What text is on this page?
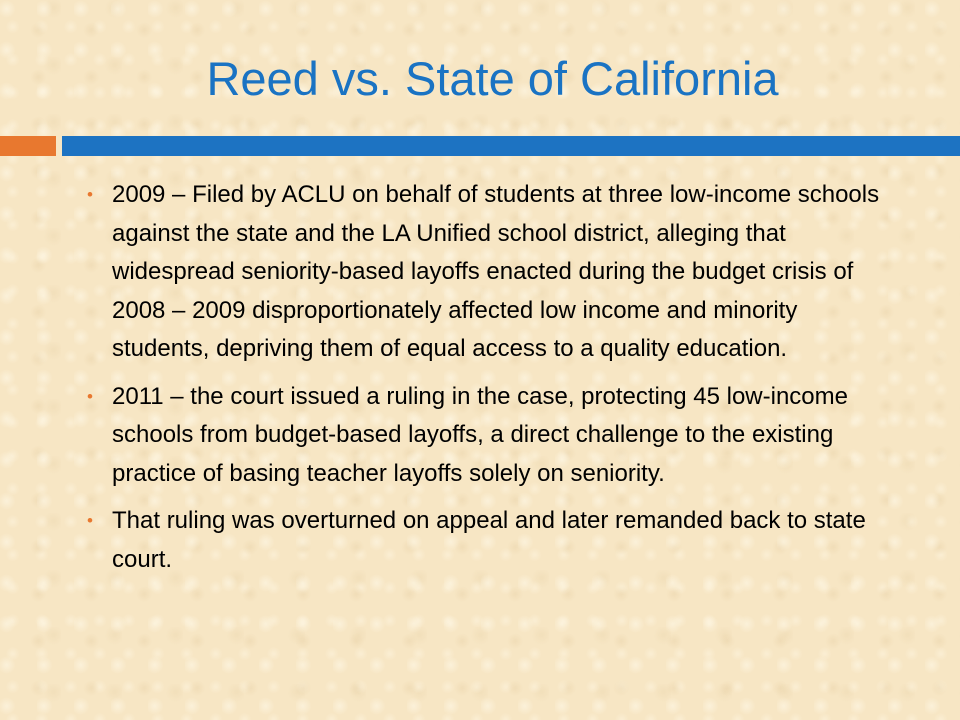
Reed vs. State of California
• 2009 – Filed by ACLU on behalf of students at three low-income schools against the state and the LA Unified school district, alleging that widespread seniority-based layoffs enacted during the budget crisis of 2008 – 2009 disproportionately affected low income and minority students, depriving them of equal access to a quality education.
• 2011 – the court issued a ruling in the case, protecting 45 low-income schools from budget-based layoffs, a direct challenge to the existing practice of basing teacher layoffs solely on seniority.
• That ruling was overturned on appeal and later remanded back to state court.
